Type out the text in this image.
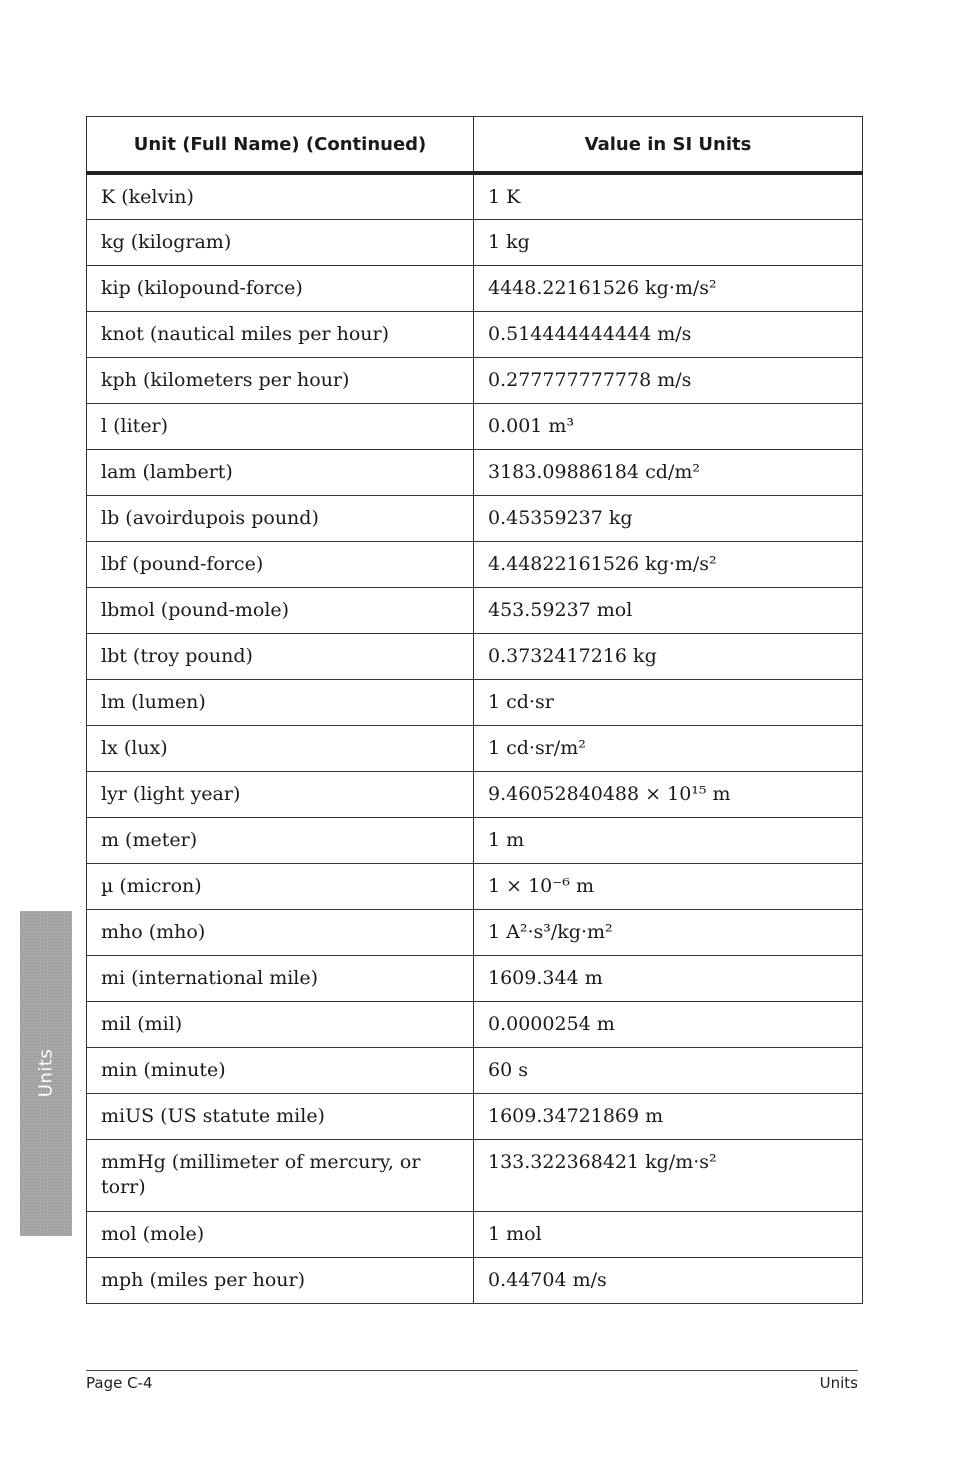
Unit (Full Name) (Continued)	Value in SI Units
K (kelvin)	1 K
kg (kilogram)	1 kg
kip (kilopound-force)	4448.22161526 kg·m/s²
knot (nautical miles per hour)	0.514444444444 m/s
kph (kilometers per hour)	0.277777777778 m/s
l (liter)	0.001 m³
lam (lambert)	3183.09886184 cd/m²
lb (avoirdupois pound)	0.45359237 kg
lbf (pound-force)	4.44822161526 kg·m/s²
lbmol (pound-mole)	453.59237 mol
lbt (troy pound)	0.3732417216 kg
lm (lumen)	1 cd·sr
lx (lux)	1 cd·sr/m²
lyr (light year)	9.46052840488 × 10¹⁵ m
m (meter)	1 m
µ (micron)	1 × 10⁻⁶ m
mho (mho)	1 A²·s³/kg·m²
mi (international mile)	1609.344 m
mil (mil)	0.0000254 m
min (minute)	60 s
miUS (US statute mile)	1609.34721869 m
mmHg (millimeter of mercury, or torr)	133.322368421 kg/m·s²
mol (mole)	1 mol
mph (miles per hour)	0.44704 m/s
Units
Page C-4	Units
